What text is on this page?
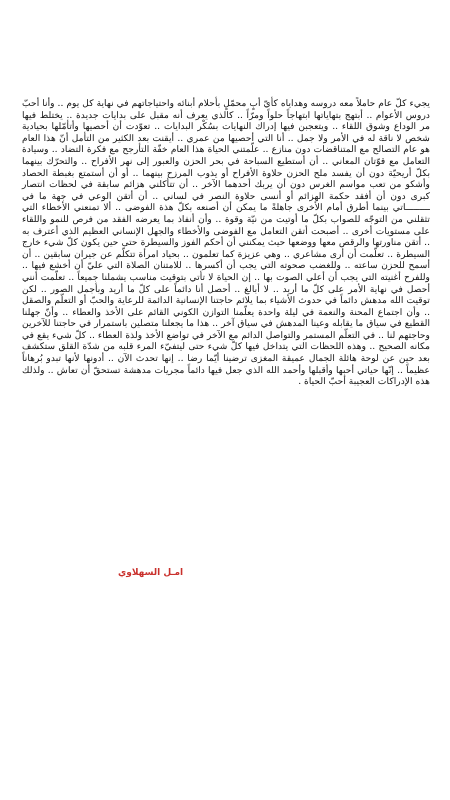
يجيء كلّ عام حاملاً معه دروسه وهداياه كأيّ أبٍ محمّلٍ بأحلام أبنائه واحتياجاتهم في نهاية كل يوم .. وأنا أحبّ دروس الأعوام .. أبتهج بتهاياتها ابتهاجاً حلواً ومرّاً .. كالذي يعرف أنه مقبل على بدايات جديدة .. يختلط فيها مر الوداع وشوق اللقاء .. ويتعجبن فيها إدراك النهايات بسُكْر البدايات .. تعوّدت أن أحصيها وأتأمّلها بحيادية شخص لا ناقة له في الأمر ولا جمل .. أنا التي أحصيها من عمري .. أيقنت بعد الكثير من التأمل أنّ هذا العام هو عام التصالح مع المتناقضات دون منازع .. علّمتني الحياة هذا العام خفّة التأرجح مع فكرة التضاد .. وسيادة التعامل مع قوّتان المعاني .. أن أستطيع السباحة في بحر الحزن والعبور إلى نهر الأفراح .. والتحرّك بينهما بكلّ أريحيّة دون أن يفسد ملح الحزن حلاوة الأفراح أو يذوب المرزح بينهما .. أو أن أستمتع بغبطة الحصاد وأشكو من تعب مواسم الغرس دون أن يربك أحدهما الآخر .. أن تتأكلني هزائم سابقة في لحظات انتصار كبرى دون أن أفقد حكمة الهزائم أو أنسى حلاوة النصر في لساني .. أن أتقن الوعي في جهة ما في ـــــــــاتي بينما أطرق أمام الأخرى جاهلةً ما يمكن أن أصنعه بكلّ هذة الفوضى .. ألا تمنعني الأخطاء التي تثقلني من التوجّه للصواب بكلّ ما أوتيت من نيّة وقوة .. وأن أنفاذ بما يعرضه الفقد من فرص للنمو واللقاء على مستويات أخرى .. أصبحت أتقن التعامل مع الفوضى والأخطاء والجهل الإنساني العظيم الذي أعترف به .. أتقن مناورتها والرقص معها ووضعها حيث يمكنني أن أحكم الفوز والسيطرة حتى حين يكون كلّ شيء خارج السيطرة .. تعلّمت أن أرى مشاعري .. وهي عزيزة كما تعلمون .. بحياد امرأة تتكلّم عن جيران سابقين .. أن أسمح للحزن ساعته .. وللغضب صحوته التي يجب أن أكسرها .. للامتنان الصلاة التي عليّ أن أخشع فيها .. وللفرح أغنيته التي يجب أن أعلي الصوت بها .. إن الحياة لا تأتي بتوقيت مناسب يشملنا جميعاً .. تعلّمت أنني أحصل في نهاية الأمر على كلّ ما أريد .. لا أبالغ .. أحصل أنا دائماً على كلّ ما أريد وبأجمل الصور .. لكن توقيت الله مدهش دائماً في حدوث الأشياء بما يلائم حاجتنا الإنسانية الدائمة للرعاية والحبّ أو التعلّم والصقل .. وأن اجتماع المحنة والنعمة في ليلة واحدة يعلّمنا التوازن الكوني القائم على الأخذ والعطاء .. وأنّ جهلنا القطيع في سياق ما يقابله وعينا المدهش في سياق آخر .. هذا ما يجعلنا متصلين باستمرار في حاجتنا للآخرين وحاجتهم لنا .. في التعلّم المستمر والتواصل الدائم مع الآخر في تواضع الأخذ ولذة العطاء .. كلّ شيء يقع في مكانه الصحيح .. وهذه اللحظات التي يتداخل فيها كلّ شيء حتى ليتفيّء المرء قلبه من شدّة القلق ستكشف بعد حين عن لوحة هائلة الجمال عميقة المغزى ترضينا أيّما رضا .. إنها تحدث الآن .. أدونها لأنها تبدو بُرهاناً عظيماً .. إنّها حياتي أحبها وأقبلها وأحمد الله الذي جعل فيها دائماً مجريات مدهشة تستحقّ أن تعاش .. ولذلك هذه الإدراكات العجيبة أحبّ الحياة .

امـل السهلاوي
